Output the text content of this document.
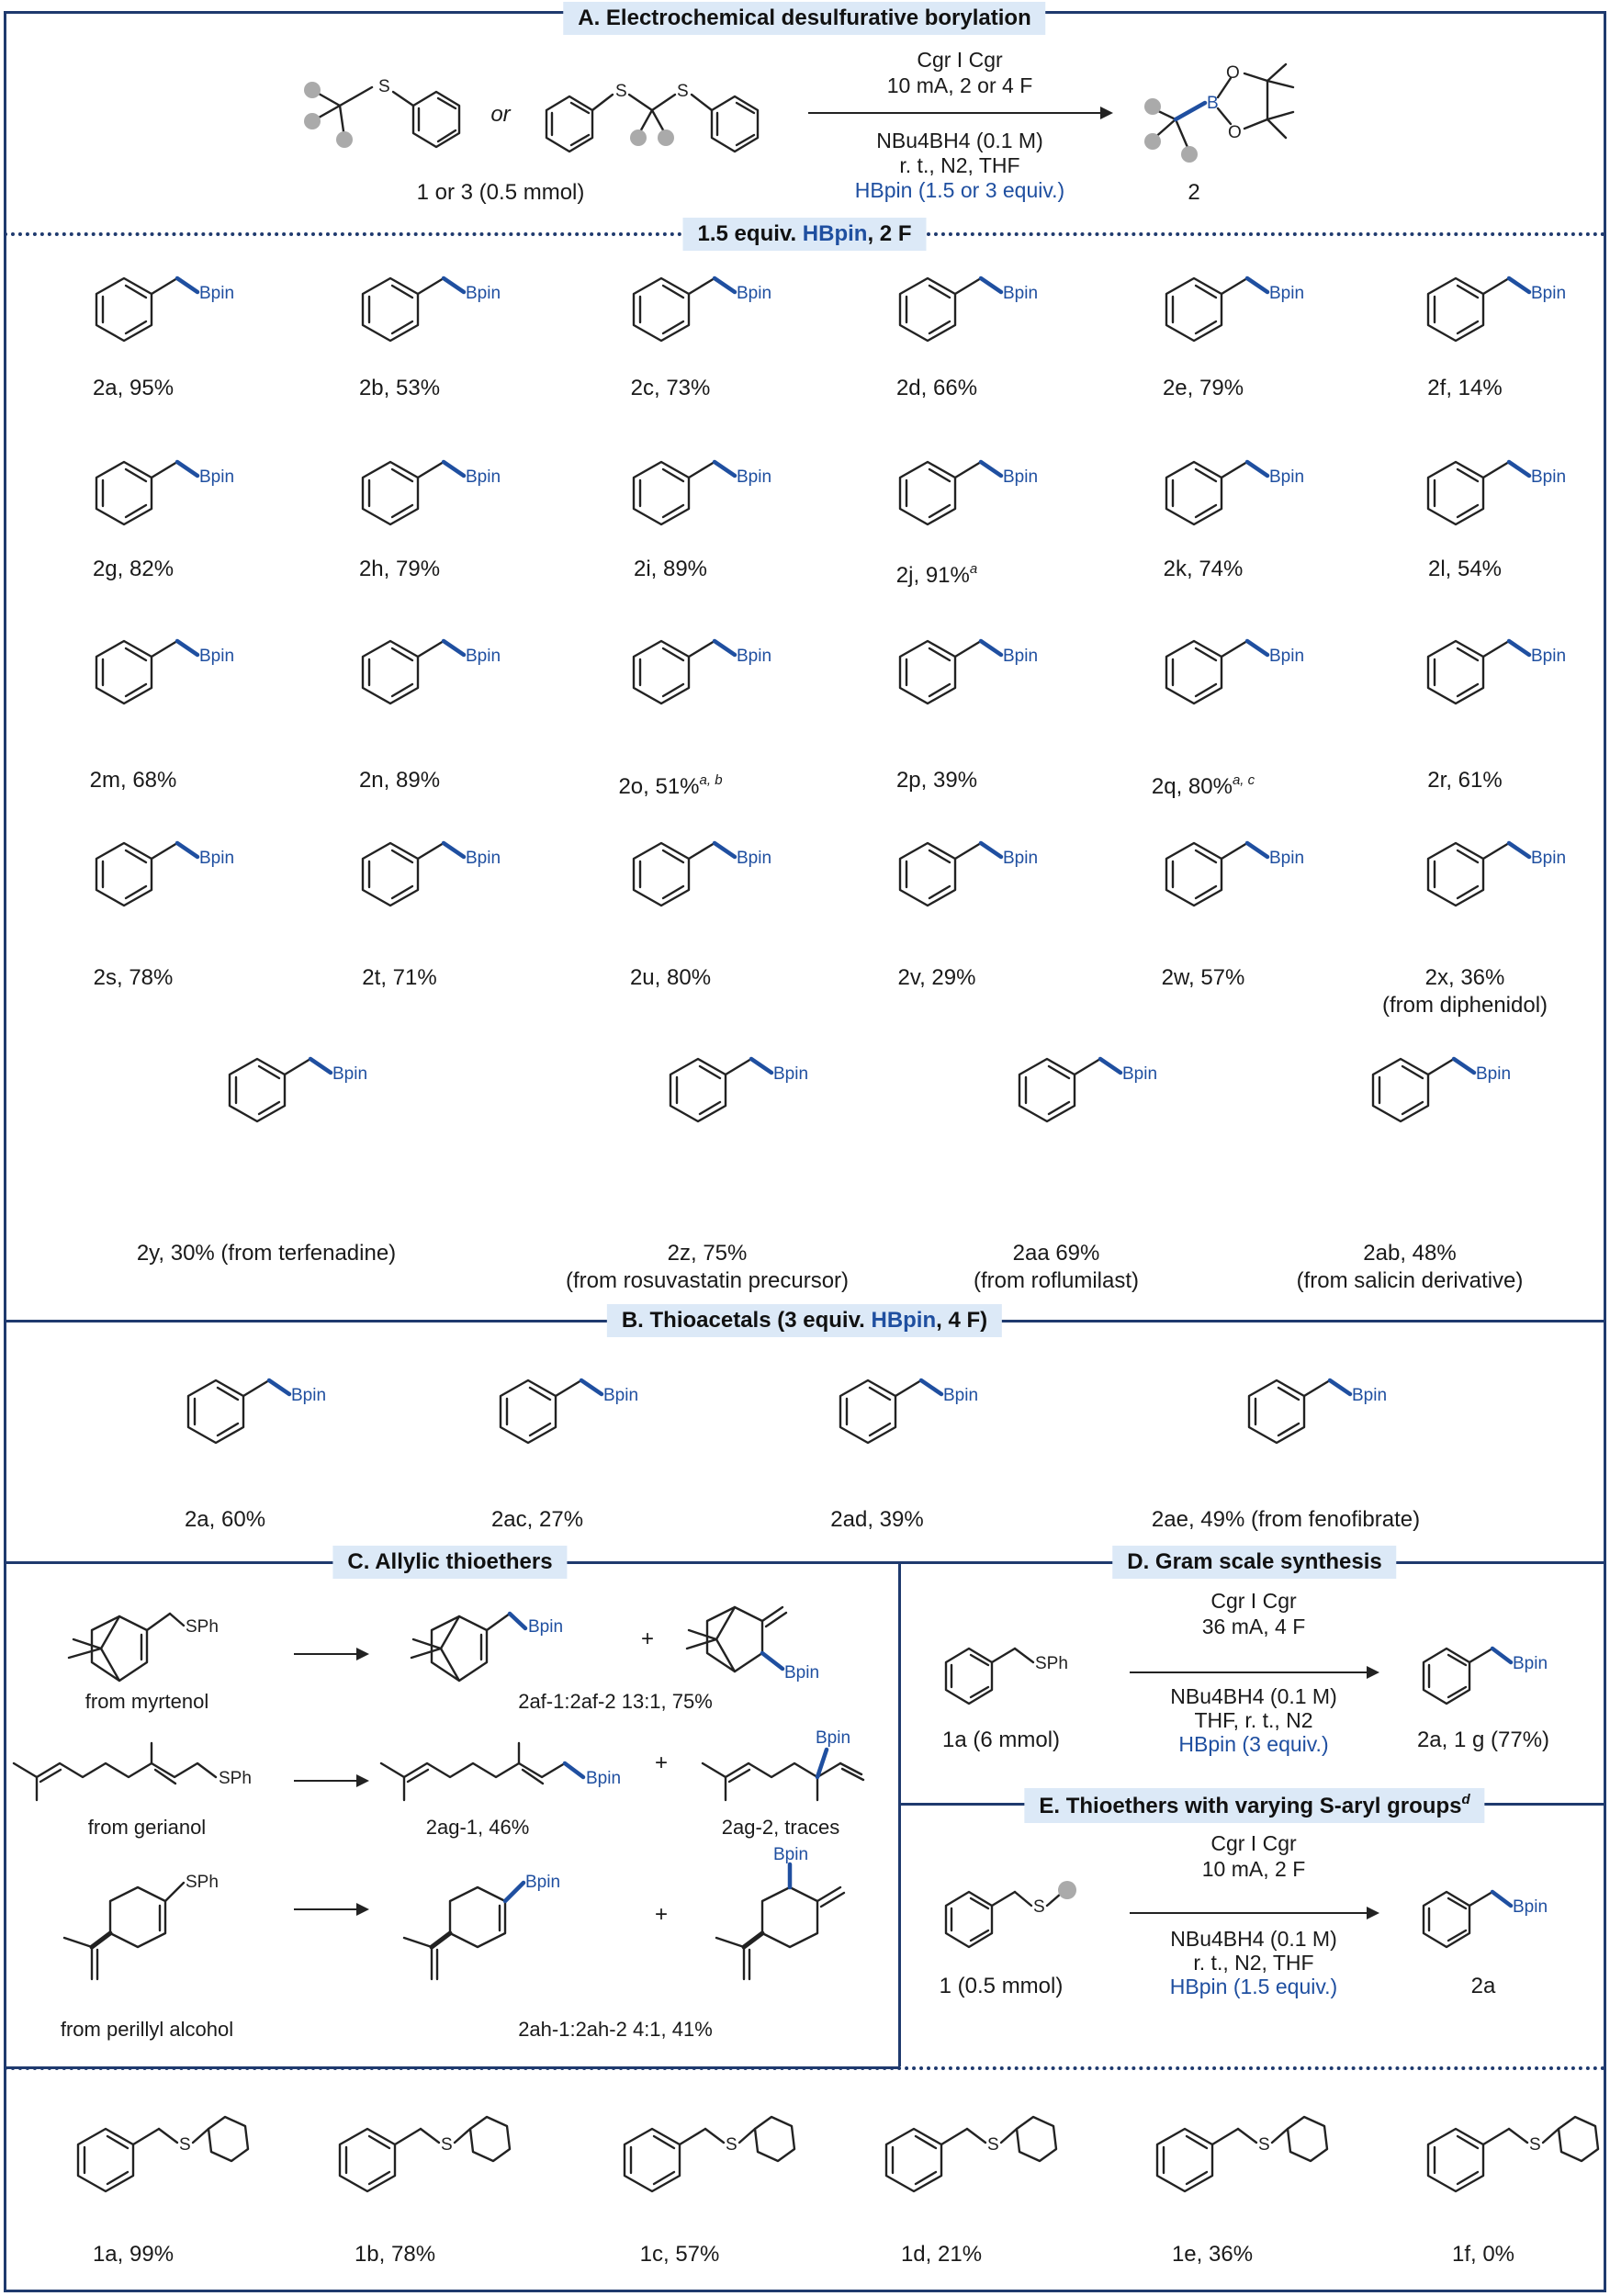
A. Electrochemical desulfurative borylation
1.5 equiv. HBpin, 2 F
B. Thioacetals (3 equiv. HBpin, 4 F)
C. Allylic thioethers	D. Gram scale synthesis
E. Thioethers with varying S-aryl groups$^d$
S
or
S	S
1 or 3 (0.5 mmol)
Cgr I Cgr
10 mA, 2 or 4 F
NBu4BH4 (0.1 M)
r. t., N2, THF
HBpin (1.5 or 3 equiv.)
B
O
O
2
Bpin
2a, 95%
Bpin
2b, 53%
Bpin
2c, 73%
Bpin
2d, 66%
Bpin
2e, 79%
Bpin
2f, 14%
Bpin
2g, 82%
Bpin
2h, 79%
Bpin
2i, 89%
Bpin
2j, 91%$^a$
Bpin
2k, 74%
Bpin
2l, 54%
Bpin
2m, 68%
Bpin
2n, 89%
Bpin
2o, 51%$^{a, b}$
Bpin
2p, 39%
Bpin
2q, 80%$^{a, c}$
Bpin
2r, 61%
Bpin
2s, 78%
Bpin
2t, 71%
Bpin
2u, 80%
Bpin
2v, 29%
Bpin
2w, 57%
Bpin
2x, 36%
(from diphenidol)
Bpin
2y, 30% (from terfenadine)
Bpin
2z, 75%
(from rosuvastatin precursor)
Bpin
2aa 69%
(from roflumilast)
Bpin
2ab, 48%
(from salicin derivative)
Bpin
2a, 60%
Bpin
2ac, 27%
Bpin
2ad, 39%
Bpin
2ae, 49% (from fenofibrate)
SPh
from myrtenol
Bpin	+
Bpin
2af-1:2af-2 13:1, 75%
SPh
from gerianol
Bpin
2ag-1, 46%
+
Bpin
2ag-2, traces
SPh
from perillyl alcohol
Bpin
+
Bpin
2ah-1:2ah-2 4:1, 41%
SPh
1a (6 mmol)
Cgr I Cgr
36 mA, 4 F
NBu4BH4 (0.1 M)
THF, r. t., N2
HBpin (3 equiv.)
Bpin
2a, 1 g (77%)
S
1 (0.5 mmol)
Cgr I Cgr
10 mA, 2 F
NBu4BH4 (0.1 M)
r. t., N2, THF
HBpin (1.5 equiv.)
Bpin
2a
S
1a, 99%
S
1b, 78%
S
1c, 57%
S
1d, 21%
S
1e, 36%
S
1f, 0%
